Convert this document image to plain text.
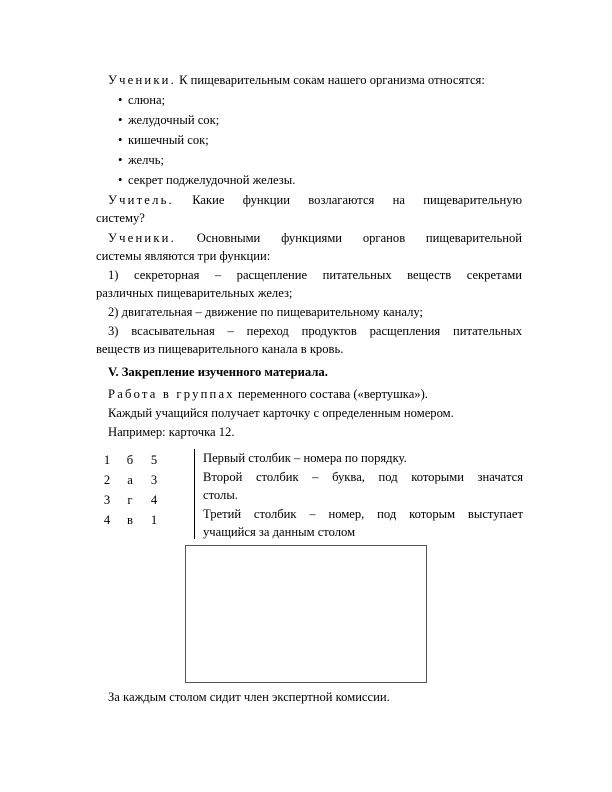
Ученики. К пищеварительным сокам нашего организма относятся:
• слюна;
• желудочный сок;
• кишечный сок;
• желчь;
• секрет поджелудочной железы.
Учитель. Какие функции возлагаются на пищеварительную
систему?
Ученики. Основными функциями органов пищеварительной
системы являются три функции:
1) секреторная – расщепление питательных веществ секретами
различных пищеварительных желез;
2) двигательная – движение по пищеварительному каналу;
3) всасывательная – переход продуктов расщепления питательных
веществ из пищеварительного канала в кровь.
V. Закрепление изученного материала.
Работа в группах переменного состава («вертушка»).
Каждый учащийся получает карточку с определенным номером.
Например: карточка 12.
1	б	5
2	а	3
3	г	4
4	в	1
Первый столбик – номера по порядку.
Второй столбик – буква, под которыми значатся
столы.
Третий столбик – номер, под которым выступает
учащийся за данным столом
За каждым столом сидит член экспертной комиссии.
